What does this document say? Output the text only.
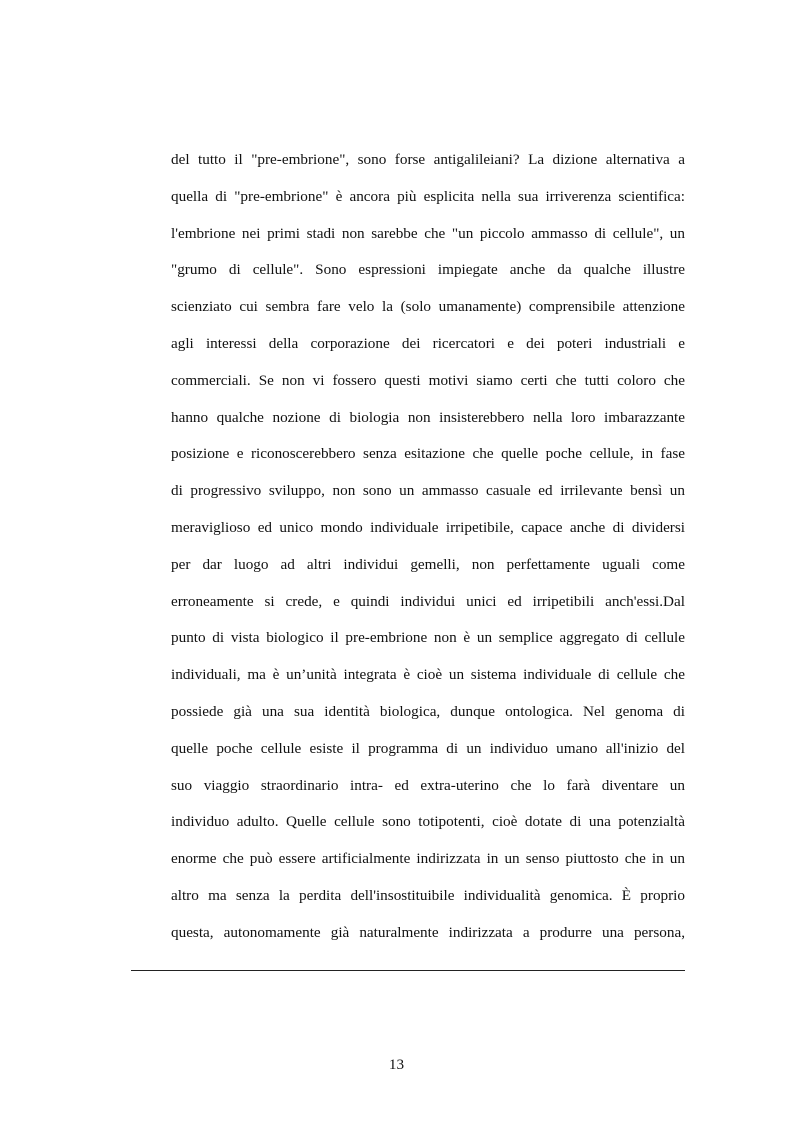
del tutto il "pre-embrione", sono forse antigalileiani? La dizione alternativa a
quella di "pre-embrione" è ancora più esplicita nella sua irriverenza scientifica:
l'embrione nei primi stadi non sarebbe che "un piccolo ammasso di cellule", un
"grumo di cellule". Sono espressioni impiegate anche da qualche illustre
scienziato cui sembra fare velo la (solo umanamente) comprensibile attenzione
agli interessi della corporazione dei ricercatori e dei poteri industriali e
commerciali. Se non vi fossero questi motivi siamo certi che tutti coloro che
hanno qualche nozione di biologia non insisterebbero nella loro imbarazzante
posizione e riconoscerebbero senza esitazione che quelle poche cellule, in fase
di progressivo sviluppo, non sono un ammasso casuale ed irrilevante bensì un
meraviglioso ed unico mondo individuale irripetibile, capace anche di dividersi
per dar luogo ad altri individui gemelli, non perfettamente uguali come
erroneamente si crede, e quindi individui unici ed irripetibili anch'essi.Dal
punto di vista biologico il pre-embrione non è un semplice aggregato di cellule
individuali, ma è un’unità integrata è cioè un sistema individuale di cellule che
possiede già una sua identità biologica, dunque ontologica. Nel genoma di
quelle poche cellule esiste il programma di un individuo umano all'inizio del
suo viaggio straordinario intra- ed extra-uterino che lo farà diventare un
individuo adulto. Quelle cellule sono totipotenti, cioè dotate di una potenzialtà
enorme che può essere artificialmente indirizzata in un senso piuttosto che in un
altro ma senza la perdita dell'insostituibile individualità genomica. È proprio
questa, autonomamente già naturalmente indirizzata a produrre una persona,
13
